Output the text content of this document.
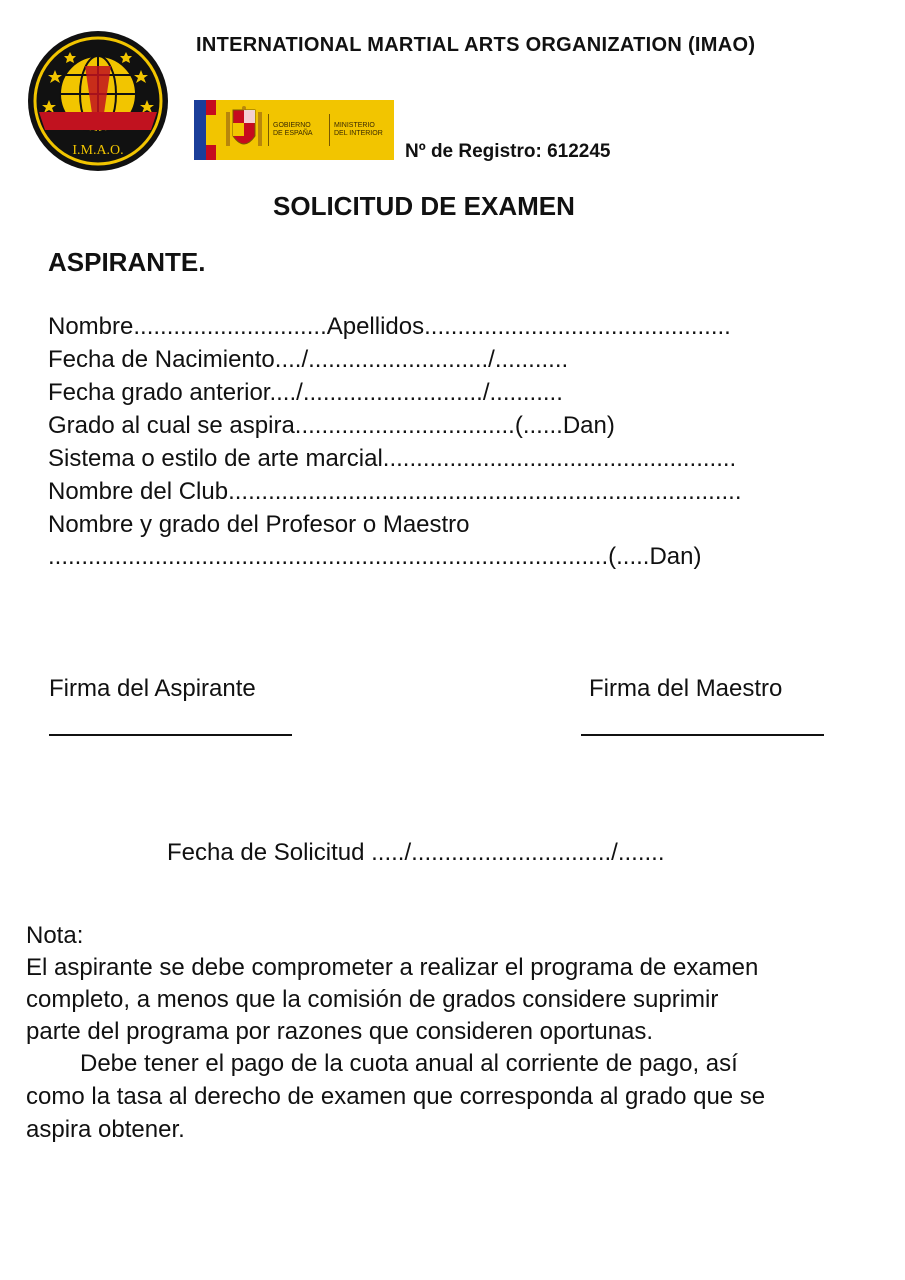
I.M.A.O.
INTERNATIONAL MARTIAL ARTS ORGANIZATION (IMAO)
GOBIERNO
DE ESPAÑA
MINISTERIO
DEL INTERIOR
Nº de Registro: 612245
SOLICITUD DE EXAMEN
ASPIRANTE.
Nombre.............................Apellidos..............................................
Fecha de Nacimiento..../.........................../...........
Fecha grado anterior..../.........................../...........
Grado al cual se aspira.................................(......Dan)
Sistema o estilo de arte marcial.....................................................
Nombre del Club.............................................................................
Nombre y grado del Profesor o Maestro
....................................................................................(.....Dan)
Firma del Aspirante	Firma del Maestro
Fecha de Solicitud ...../............................../.......
Nota:
El aspirante se debe comprometer a realizar el programa de examen
completo, a menos que la comisión de grados considere suprimir
parte del programa por razones que consideren oportunas.
Debe tener el pago de la cuota anual al corriente de pago, así
como la tasa al derecho de examen que corresponda al grado que se
aspira obtener.
